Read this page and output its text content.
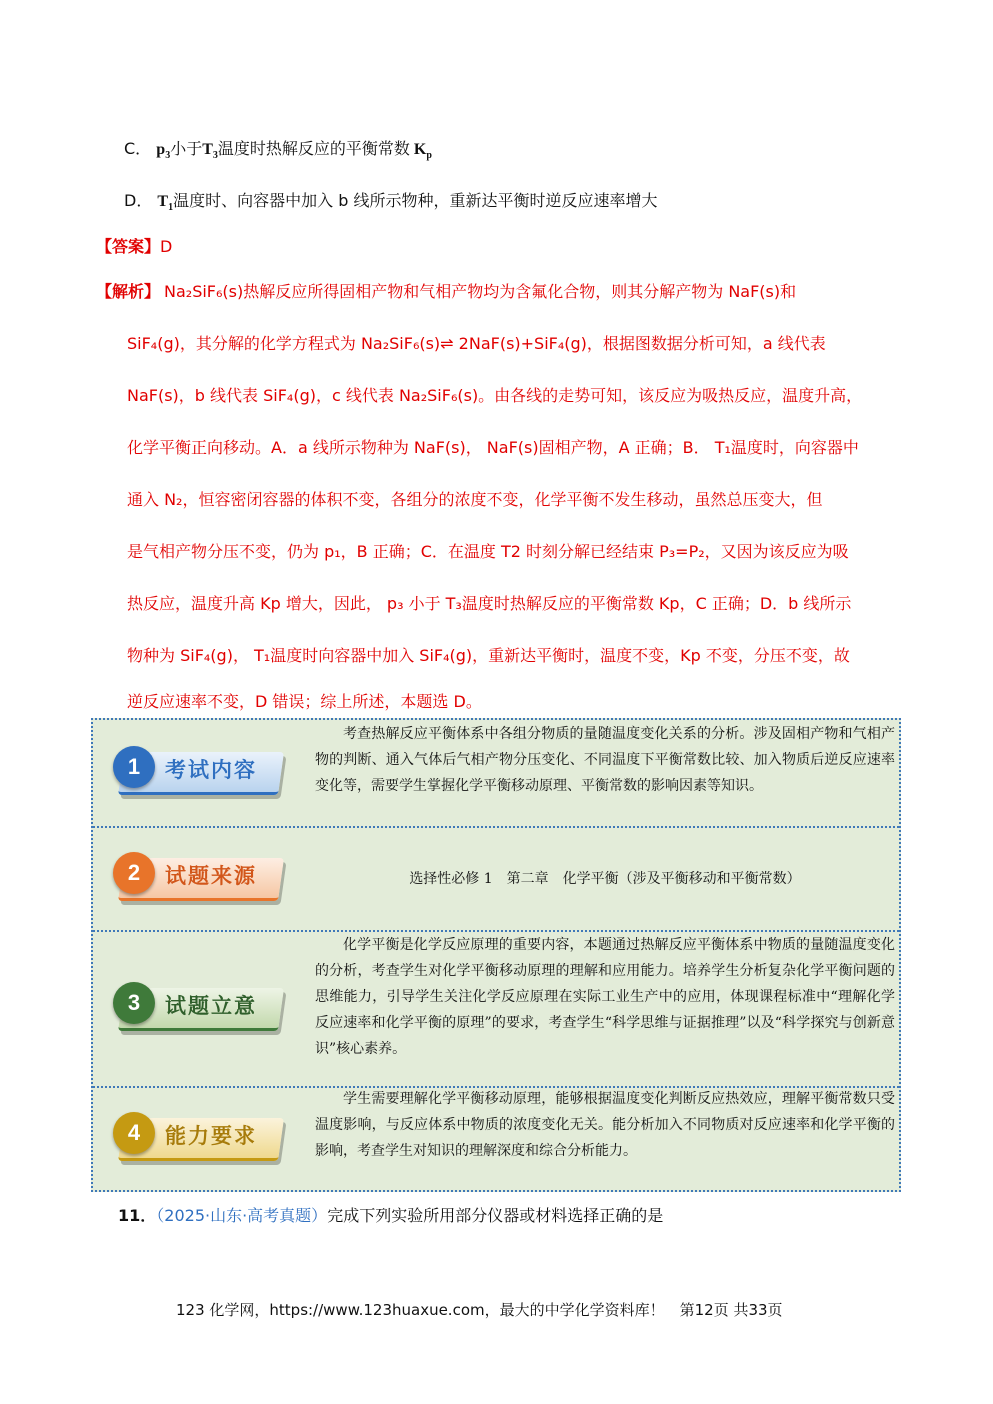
C． $p_3$小于$T_3$温度时热解反应的平衡常数 $K_p$
D． $T_1$温度时、向容器中加入 b 线所示物种，重新达平衡时逆反应速率增大
【答案】D
【解析】 Na₂SiF₆(s)热解反应所得固相产物和气相产物均为含氟化合物，则其分解产物为 NaF(s)和
SiF₄(g)，其分解的化学方程式为 Na₂SiF₆(s)⇌ 2NaF(s)+SiF₄(g)，根据图数据分析可知，a 线代表
NaF(s)，b 线代表 SiF₄(g)，c 线代表 Na₂SiF₆(s)。由各线的走势可知，该反应为吸热反应，温度升高，
化学平衡正向移动。A．a 线所示物种为 NaF(s)， NaF(s)固相产物，A 正确；B． T₁温度时，向容器中
通入 N₂，恒容密闭容器的体积不变，各组分的浓度不变，化学平衡不发生移动，虽然总压变大，但
是气相产物分压不变，仍为 p₁，B 正确；C．在温度 T2 时刻分解已经结束 P₃=P₂，又因为该反应为吸
热反应，温度升高 Kp 增大，因此， p₃ 小于 T₃温度时热解反应的平衡常数 Kp，C 正确；D．b 线所示
物种为 SiF₄(g)， T₁温度时向容器中加入 SiF₄(g)，重新达平衡时，温度不变，Kp 不变，分压不变，故
逆反应速率不变，D 错误；综上所述，本题选 D。
1	考试内容
考查热解反应平衡体系中各组分物质的量随温度变化关系的分析。涉及固相产物和气相产物的判断、通入气体后气相产物分压变化、不同温度下平衡常数比较、加入物质后逆反应速率变化等，需要学生掌握化学平衡移动原理、平衡常数的影响因素等知识。
2	试题来源	选择性必修 1　第二章　化学平衡（涉及平衡移动和平衡常数）
3	试题立意
化学平衡是化学反应原理的重要内容，本题通过热解反应平衡体系中物质的量随温度变化的分析，考查学生对化学平衡移动原理的理解和应用能力。培养学生分析复杂化学平衡问题的思维能力，引导学生关注化学反应原理在实际工业生产中的应用，体现课程标准中“理解化学反应速率和化学平衡的原理”的要求，考查学生“科学思维与证据推理”以及“科学探究与创新意识”核心素养。
4	能力要求
学生需要理解化学平衡移动原理，能够根据温度变化判断反应热效应，理解平衡常数只受温度影响，与反应体系中物质的浓度变化无关。能分析加入不同物质对反应速率和化学平衡的影响，考查学生对知识的理解深度和综合分析能力。
11．（2025·山东·高考真题）完成下列实验所用部分仪器或材料选择正确的是
123 化学网，https://www.123huaxue.com，最大的中学化学资料库！　第12页 共33页
